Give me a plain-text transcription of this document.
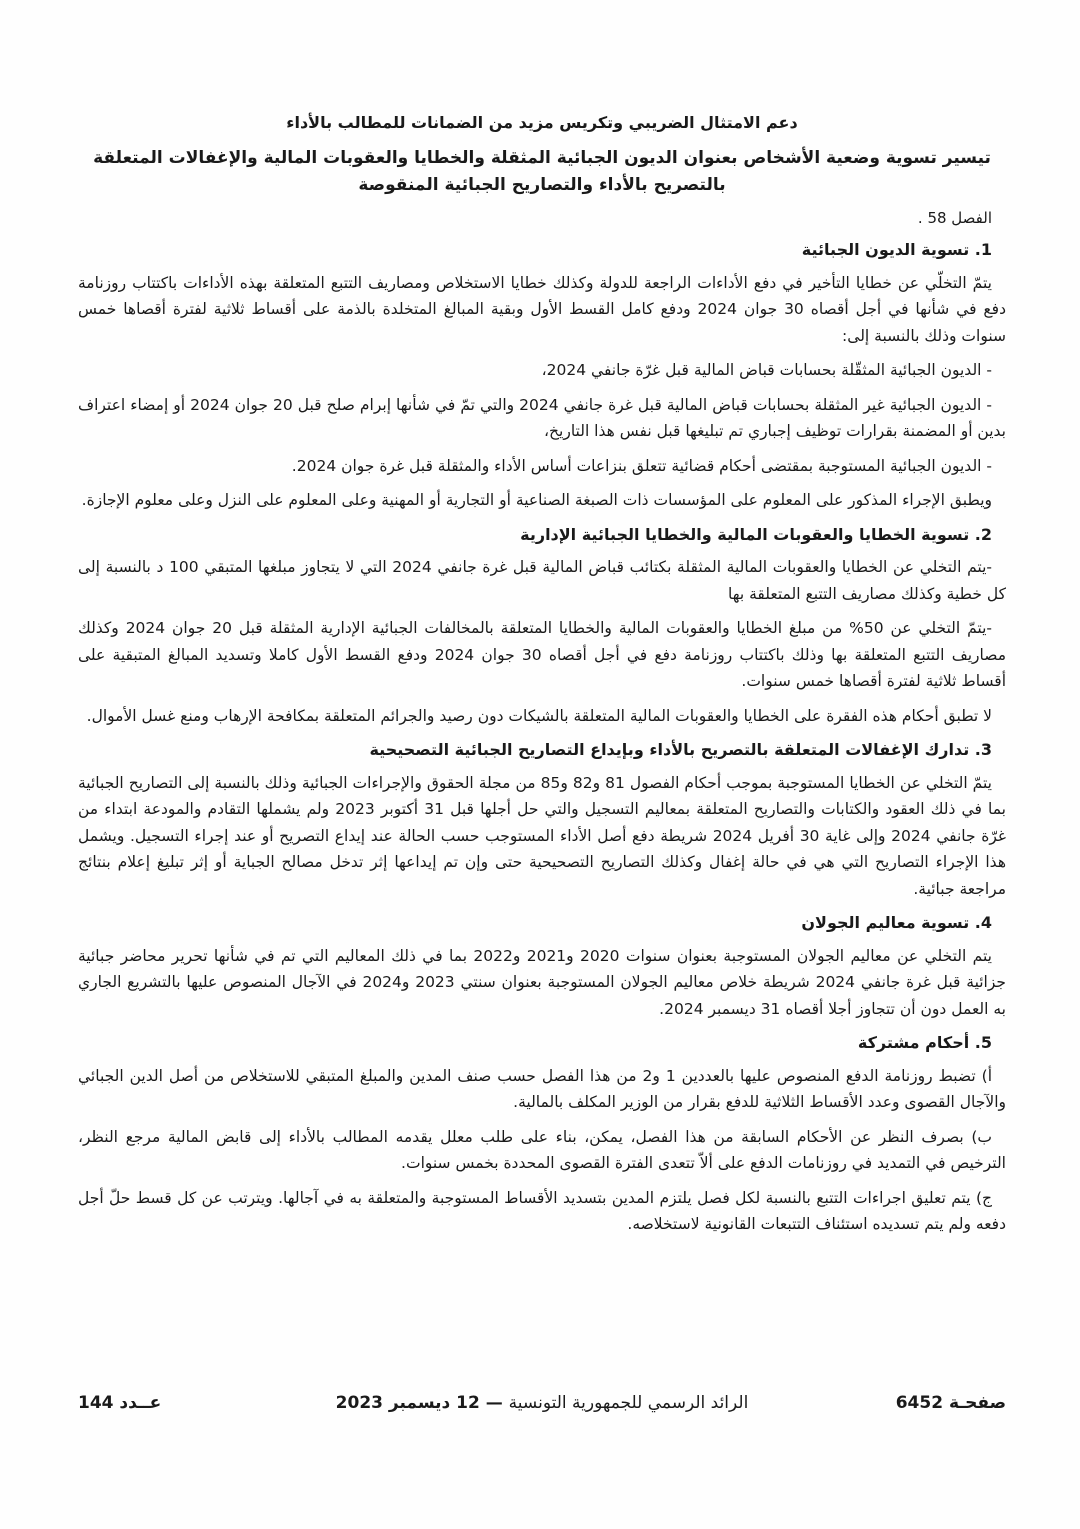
دعم الامتثال الضريبي وتكريس مزيد من الضمانات للمطالب بالأداء

تيسير تسوية وضعية الأشخاص بعنوان الديون الجبائية المثقلة والخطايا والعقوبات المالية والإغفالات المتعلقة بالتصريح بالأداء والتصاريح الجبائية المنقوصة

الفصل 58 .

1. تسوية الديون الجبائية

يتمّ التخلّي عن خطايا التأخير في دفع الأداءات الراجعة للدولة وكذلك خطايا الاستخلاص ومصاريف التتبع المتعلقة بهذه الأداءات باكتتاب روزنامة دفع في شأنها في أجل أقصاه 30 جوان 2024 ودفع كامل القسط الأول وبقية المبالغ المتخلدة بالذمة على أقساط ثلاثية لفترة أقصاها خمس سنوات وذلك بالنسبة إلى:

- الديون الجبائية المثقّلة بحسابات قباض المالية قبل غرّة جانفي 2024،

- الديون الجبائية غير المثقلة بحسابات قباض المالية قبل غرة جانفي 2024 والتي تمّ في شأنها إبرام صلح قبل 20 جوان 2024 أو إمضاء اعتراف بدين أو المضمنة بقرارات توظيف إجباري تم تبليغها قبل نفس هذا التاريخ،

- الديون الجبائية المستوجبة بمقتضى أحكام قضائية تتعلق بنزاعات أساس الأداء والمثقلة قبل غرة جوان 2024.

ويطبق الإجراء المذكور على المعلوم على المؤسسات ذات الصبغة الصناعية أو التجارية أو المهنية وعلى المعلوم على النزل وعلى معلوم الإجازة.

2. تسوية الخطايا والعقوبات المالية والخطايا الجبائية الإدارية

-يتم التخلي عن الخطايا والعقوبات المالية المثقلة بكتائب قباض المالية قبل غرة جانفي 2024 التي لا يتجاوز مبلغها المتبقي 100 د بالنسبة إلى كل خطية وكذلك مصاريف التتبع المتعلقة بها

-يتمّ التخلي عن 50% من مبلغ الخطايا والعقوبات المالية والخطايا المتعلقة بالمخالفات الجبائية الإدارية المثقلة قبل 20 جوان 2024 وكذلك مصاريف التتبع المتعلقة بها وذلك باكتتاب روزنامة دفع في أجل أقصاه 30 جوان 2024 ودفع القسط الأول كاملا وتسديد المبالغ المتبقية على أقساط ثلاثية لفترة أقصاها خمس سنوات.

لا تطبق أحكام هذه الفقرة على الخطايا والعقوبات المالية المتعلقة بالشيكات دون رصيد والجرائم المتعلقة بمكافحة الإرهاب ومنع غسل الأموال.

3. تدارك الإغفالات المتعلقة بالتصريح بالأداء وبإيداع التصاريح الجبائية التصحيحية

يتمّ التخلي عن الخطايا المستوجبة بموجب أحكام الفصول 81 و82 و85 من مجلة الحقوق والإجراءات الجبائية وذلك بالنسبة إلى التصاريح الجبائية بما في ذلك العقود والكتابات والتصاريح المتعلقة بمعاليم التسجيل والتي حل أجلها قبل 31 أكتوبر 2023 ولم يشملها التقادم والمودعة ابتداء من غرّة جانفي 2024 وإلى غاية 30 أفريل 2024 شريطة دفع أصل الأداء المستوجب حسب الحالة عند إيداع التصريح أو عند إجراء التسجيل. ويشمل هذا الإجراء التصاريح التي هي في حالة إغفال وكذلك التصاريح التصحيحية حتى وإن تم إيداعها إثر تدخل مصالح الجباية أو إثر تبليغ إعلام بنتائج مراجعة جبائية.

4. تسوية معاليم الجولان

يتم التخلي عن معاليم الجولان المستوجبة بعنوان سنوات 2020 و2021 و2022 بما في ذلك المعاليم التي تم في شأنها تحرير محاضر جبائية جزائية قبل غرة جانفي 2024 شريطة خلاص معاليم الجولان المستوجبة بعنوان سنتي 2023 و2024 في الآجال المنصوص عليها بالتشريع الجاري به العمل دون أن تتجاوز أجلا أقصاه 31 ديسمبر 2024.

5. أحكام مشتركة

أ) تضبط روزنامة الدفع المنصوص عليها بالعددين 1 و2 من هذا الفصل حسب صنف المدين والمبلغ المتبقي للاستخلاص من أصل الدين الجبائي والآجال القصوى وعدد الأقساط الثلاثية للدفع بقرار من الوزير المكلف بالمالية.

ب) بصرف النظر عن الأحكام السابقة من هذا الفصل، يمكن، بناء على طلب معلل يقدمه المطالب بالأداء إلى قابض المالية مرجع النظر، الترخيص في التمديد في روزنامات الدفع على ألاّ تتعدى الفترة القصوى المحددة بخمس سنوات.

ج) يتم تعليق اجراءات التتبع بالنسبة لكل فصل يلتزم المدين بتسديد الأقساط المستوجبة والمتعلقة به في آجالها. ويترتب عن كل قسط حلّ أجل دفعه ولم يتم تسديده استئناف التتبعات القانونية لاستخلاصه.

صفحـة 6452
الرائد الرسمي للجمهورية التونسية — 12 ديسمبر 2023
عــدد 144
